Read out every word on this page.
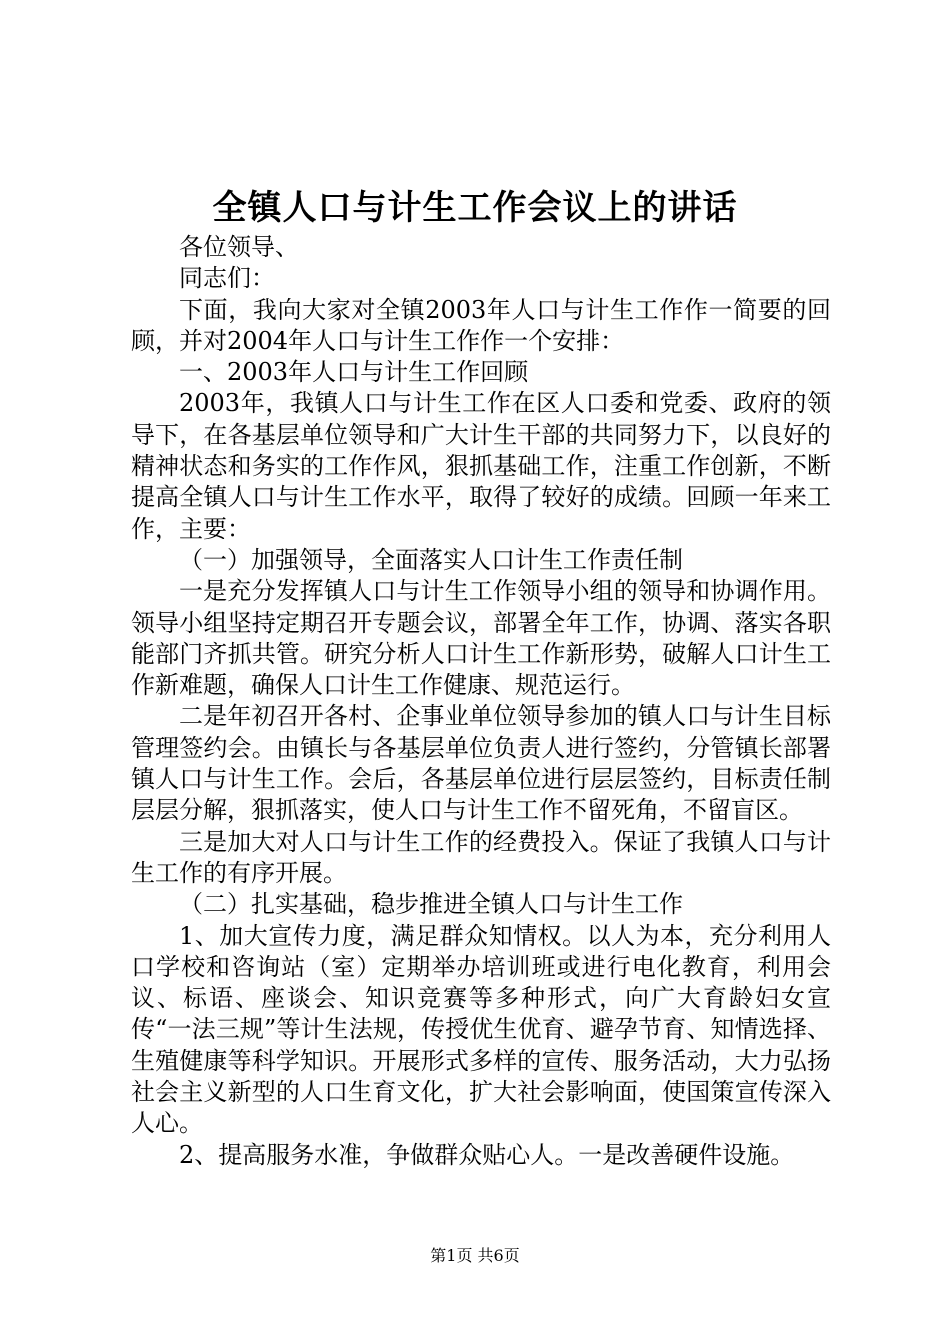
全镇人口与计生工作会议上的讲话

各位领导、

同志们：

下面，我向大家对全镇2003年人口与计生工作作一简要的回顾，并对2004年人口与计生工作作一个安排：

一、2003年人口与计生工作回顾

2003年，我镇人口与计生工作在区人口委和党委、政府的领导下，在各基层单位领导和广大计生干部的共同努力下，以良好的精神状态和务实的工作作风，狠抓基础工作，注重工作创新，不断提高全镇人口与计生工作水平，取得了较好的成绩。回顾一年来工作，主要：

（一）加强领导，全面落实人口计生工作责任制

一是充分发挥镇人口与计生工作领导小组的领导和协调作用。领导小组坚持定期召开专题会议，部署全年工作，协调、落实各职能部门齐抓共管。研究分析人口计生工作新形势，破解人口计生工作新难题，确保人口计生工作健康、规范运行。

二是年初召开各村、企事业单位领导参加的镇人口与计生目标管理签约会。由镇长与各基层单位负责人进行签约，分管镇长部署镇人口与计生工作。会后，各基层单位进行层层签约，目标责任制层层分解，狠抓落实，使人口与计生工作不留死角，不留盲区。

三是加大对人口与计生工作的经费投入。保证了我镇人口与计生工作的有序开展。

（二）扎实基础，稳步推进全镇人口与计生工作

1、加大宣传力度，满足群众知情权。以人为本，充分利用人口学校和咨询站（室）定期举办培训班或进行电化教育，利用会议、标语、座谈会、知识竞赛等多种形式，向广大育龄妇女宣传“一法三规”等计生法规，传授优生优育、避孕节育、知情选择、生殖健康等科学知识。开展形式多样的宣传、服务活动，大力弘扬社会主义新型的人口生育文化，扩大社会影响面，使国策宣传深入人心。

2、提高服务水准，争做群众贴心人。一是改善硬件设施。

第1页 共6页
